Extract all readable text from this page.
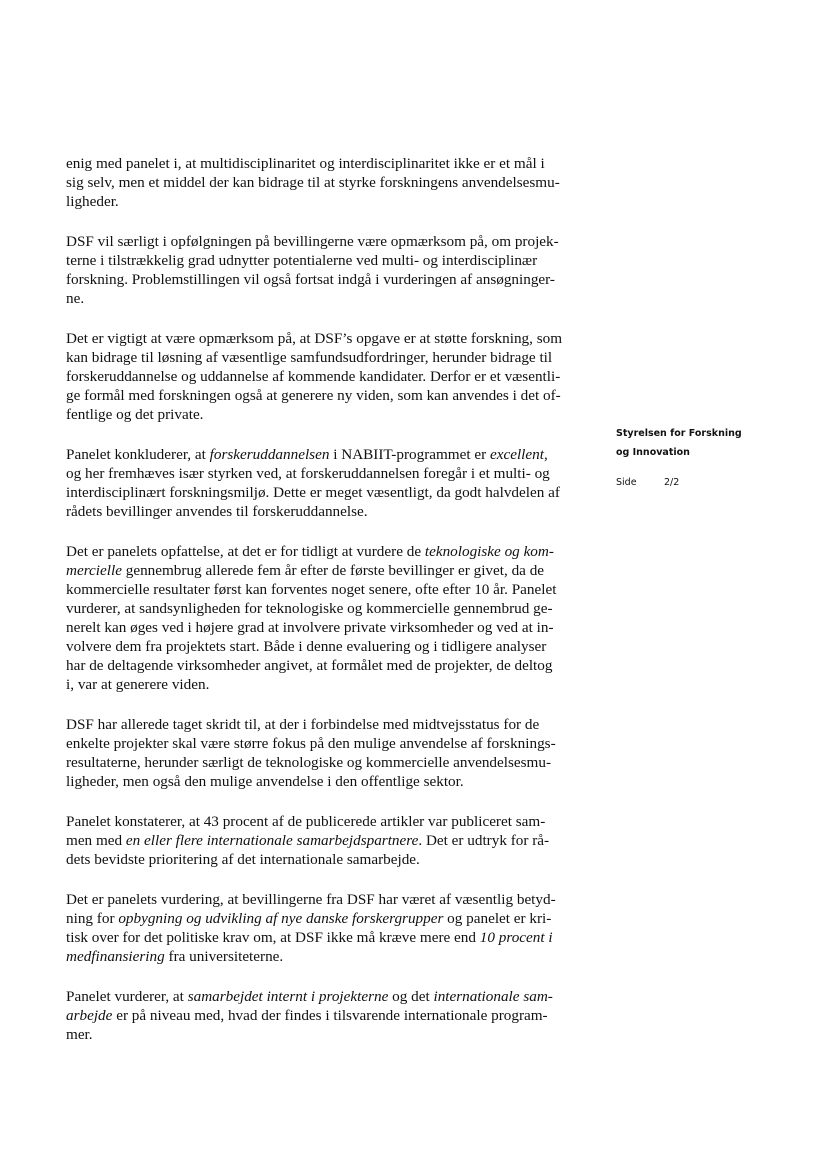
enig med panelet i, at multidisciplinaritet og interdisciplinaritet ikke er et mål i
sig selv, men et middel der kan bidrage til at styrke forskningens anvendelsesmu-
ligheder.

DSF vil særligt i opfølgningen på bevillingerne være opmærksom på, om projek-
terne i tilstrækkelig grad udnytter potentialerne ved multi- og interdisciplinær
forskning. Problemstillingen vil også fortsat indgå i vurderingen af ansøgninger-
ne.

Det er vigtigt at være opmærksom på, at DSF’s opgave er at støtte forskning, som
kan bidrage til løsning af væsentlige samfundsudfordringer, herunder bidrage til
forskeruddannelse og uddannelse af kommende kandidater. Derfor er et væsentli-
ge formål med forskningen også at generere ny viden, som kan anvendes i det of-
fentlige og det private.

Panelet konkluderer, at forskeruddannelsen i NABIIT-programmet er excellent,
og her fremhæves især styrken ved, at forskeruddannelsen foregår i et multi- og
interdisciplinært forskningsmiljø. Dette er meget væsentligt, da godt halvdelen af
rådets bevillinger anvendes til forskeruddannelse.

Det er panelets opfattelse, at det er for tidligt at vurdere de teknologiske og kom-
mercielle gennembrug allerede fem år efter de første bevillinger er givet, da de
kommercielle resultater først kan forventes noget senere, ofte efter 10 år. Panelet
vurderer, at sandsynligheden for teknologiske og kommercielle gennembrud ge-
nerelt kan øges ved i højere grad at involvere private virksomheder og ved at in-
volvere dem fra projektets start. Både i denne evaluering og i tidligere analyser
har de deltagende virksomheder angivet, at formålet med de projekter, de deltog
i, var at generere viden.

DSF har allerede taget skridt til, at der i forbindelse med midtvejsstatus for de
enkelte projekter skal være større fokus på den mulige anvendelse af forsknings-
resultaterne, herunder særligt de teknologiske og kommercielle anvendelsesmu-
ligheder, men også den mulige anvendelse i den offentlige sektor.

Panelet konstaterer, at 43 procent af de publicerede artikler var publiceret sam-
men med en eller flere internationale samarbejdspartnere. Det er udtryk for rå-
dets bevidste prioritering af det internationale samarbejde.

Det er panelets vurdering, at bevillingerne fra DSF har været af væsentlig betyd-
ning for opbygning og udvikling af nye danske forskergrupper og panelet er kri-
tisk over for det politiske krav om, at DSF ikke må kræve mere end 10 procent i
medfinansiering fra universiteterne.

Panelet vurderer, at samarbejdet internt i projekterne og det internationale sam-
arbejde er på niveau med, hvad der findes i tilsvarende internationale program-
mer.

Styrelsen for Forskning
og Innovation
Side	2/2
